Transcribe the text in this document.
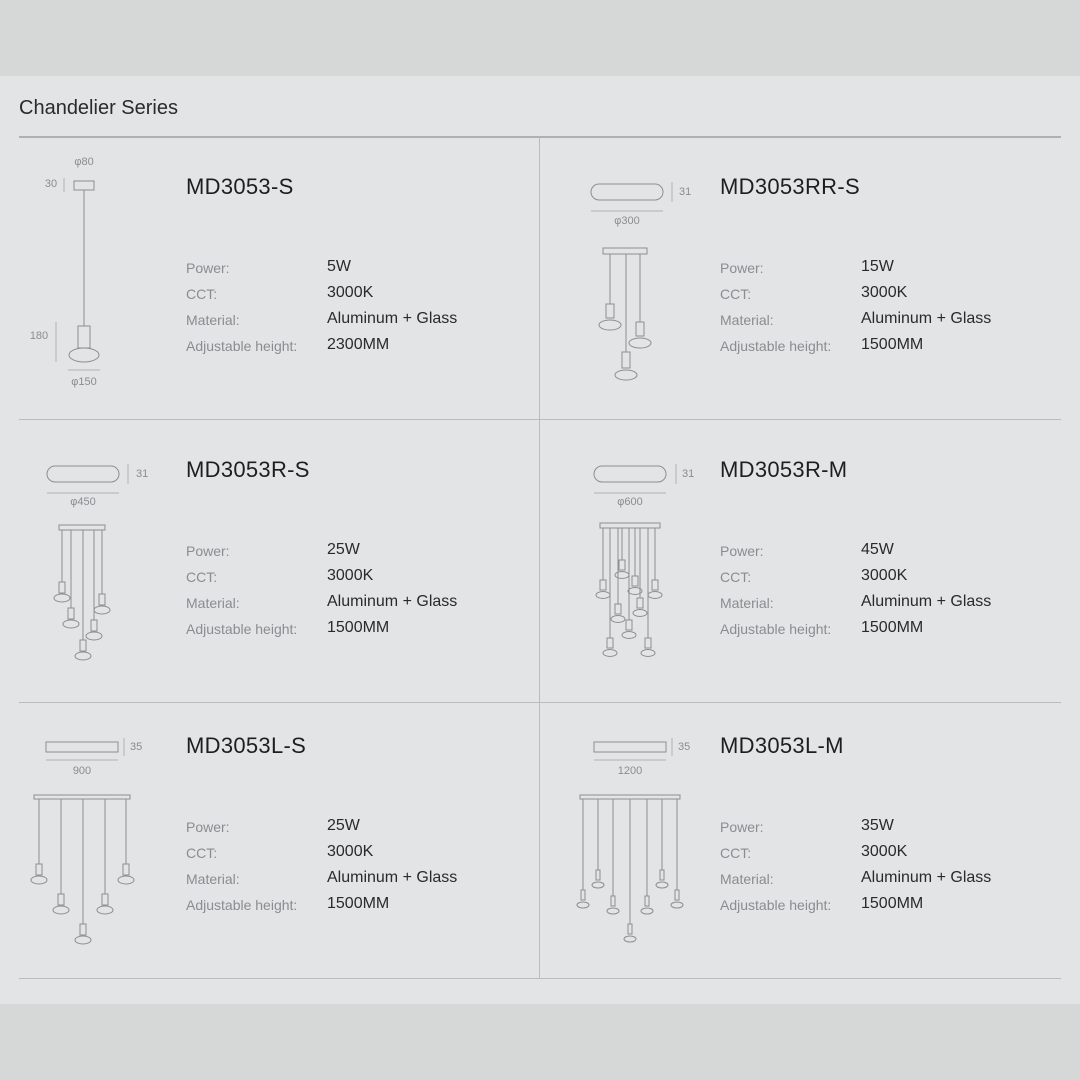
Chandelier Series
φ80
30
180
φ150
MD3053-S
Power:	5W
CCT:	3000K
Material:	Aluminum + Glass
Adjustable height: 2300MM
31
φ300
MD3053RR-S
Power:	15W
CCT:	3000K
Material:	Aluminum + Glass
Adjustable height: 1500MM
31
φ450
MD3053R-S
Power:	25W
CCT:	3000K
Material:	Aluminum + Glass
Adjustable height: 1500MM
31
φ600
MD3053R-M
Power:	45W
CCT:	3000K
Material:	Aluminum + Glass
Adjustable height: 1500MM
35
900
MD3053L-S
Power:	25W
CCT:	3000K
Material:	Aluminum + Glass
Adjustable height: 1500MM
35
1200
MD3053L-M
Power:	35W
CCT:	3000K
Material:	Aluminum + Glass
Adjustable height: 1500MM
